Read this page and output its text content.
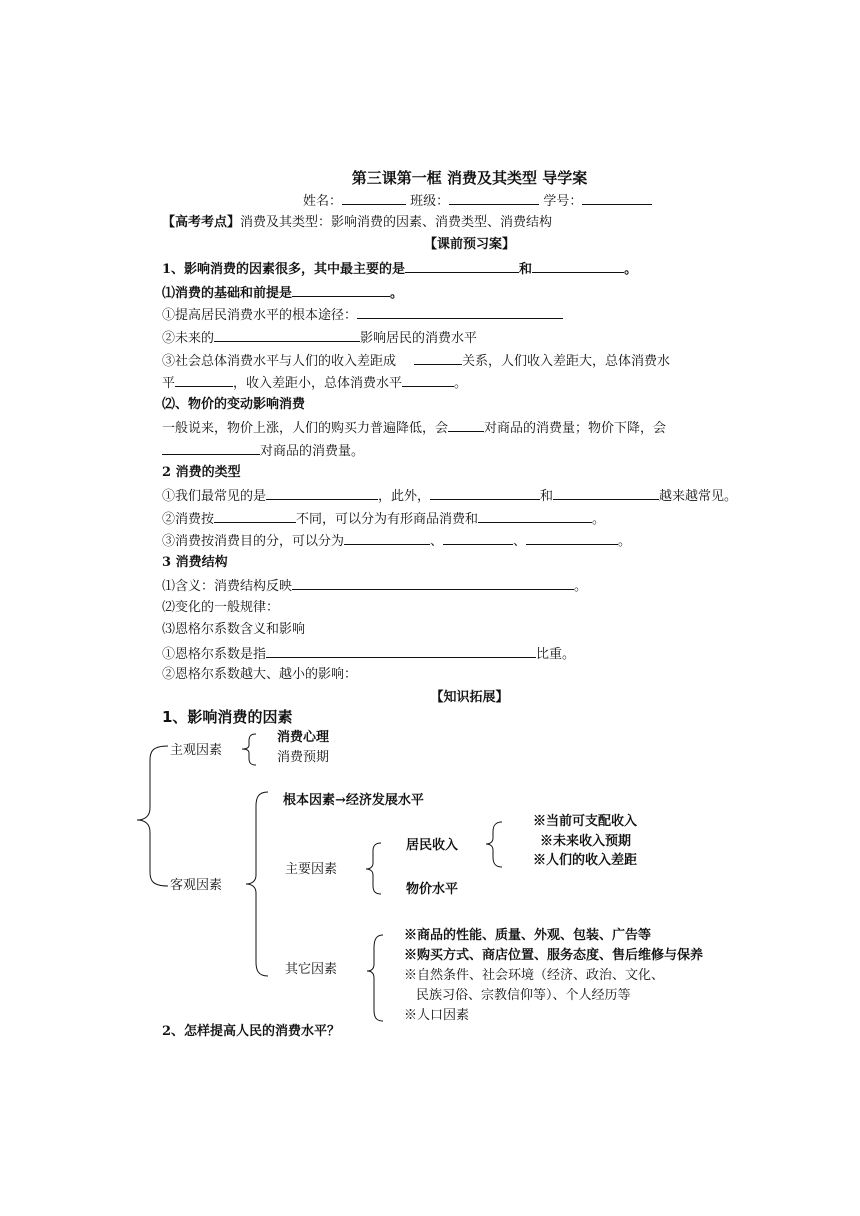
第三课第一框 消费及其类型 导学案
姓名：	班级：	学号：
【高考考点】消费及其类型：影响消费的因素、消费类型、消费结构
【课前预习案】
1、影响消费的因素很多，其中最主要的是	和	。
⑴消费的基础和前提是	。
①提高居民消费水平的根本途径：
②未来的	影响居民的消费水平
③社会总体消费水平与人们的收入差距成	关系，人们收入差距大，总体消费水
平	，收入差距小，总体消费水平	。
⑵、物价的变动影响消费
一般说来，物价上涨，人们的购买力普遍降低，会	对商品的消费量；物价下降，会
对商品的消费量。
2 消费的类型
①我们最常见的是	，此外，	和	越来越常见。
②消费按	不同，可以分为有形商品消费和	。
③消费按消费目的分，可以分为	、	、	。
3 消费结构
⑴含义：消费结构反映	。
⑵变化的一般规律：
⑶恩格尔系数含义和影响
①恩格尔系数是指	比重。
②恩格尔系数越大、越小的影响：
【知识拓展】
1、影响消费的因素
主观因素
消费心理
消费预期
客观因素
根本因素→经济发展水平
主要因素
居民收入
※当前可支配收入
※未来收入预期
※人们的收入差距
物价水平
其它因素
※商品的性能、质量、外观、包装、广告等
※购买方式、商店位置、服务态度、售后维修与保养
※自然条件、社会环境（经济、政治、文化、
民族习俗、宗教信仰等）、个人经历等
※人口因素
2、怎样提高人民的消费水平？
